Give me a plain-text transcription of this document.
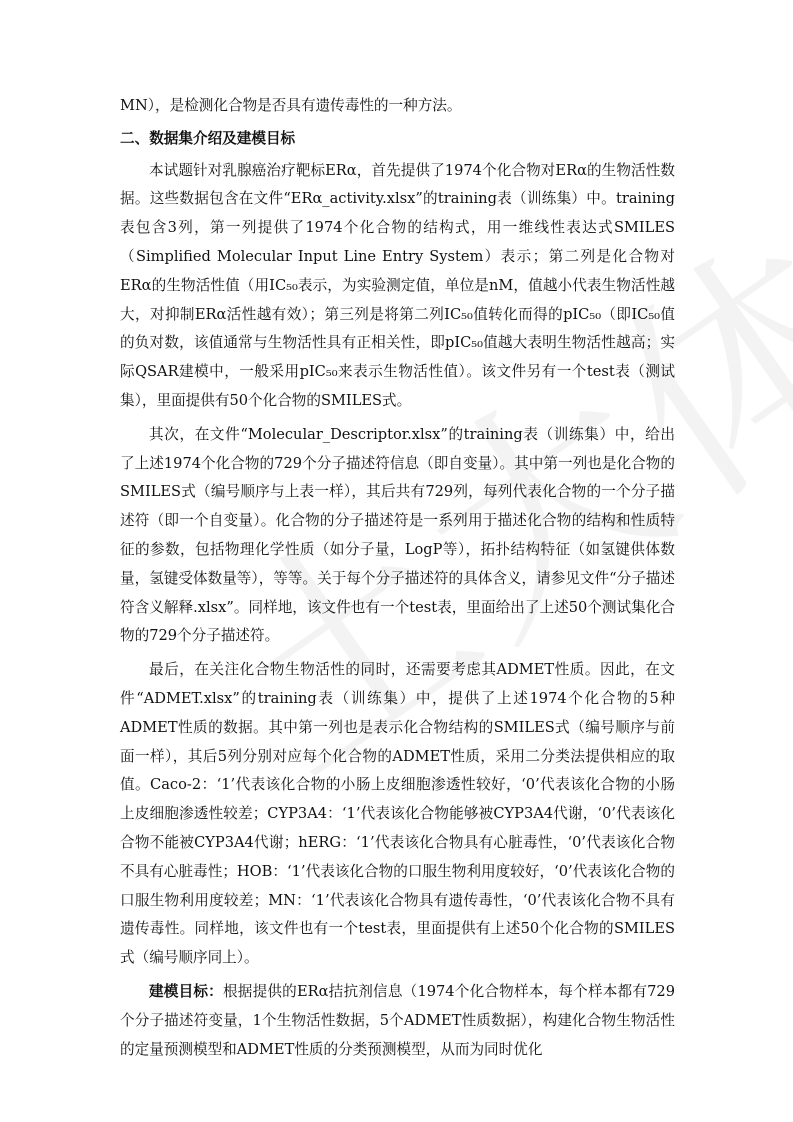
MN），是检测化合物是否具有遗传毒性的一种方法。

二、数据集介绍及建模目标

本试题针对乳腺癌治疗靶标ERα，首先提供了1974个化合物对ERα的生物活性数据。这些数据包含在文件“ERα_activity.xlsx”的training表（训练集）中。training表包含3列，第一列提供了1974个化合物的结构式，用一维线性表达式SMILES（Simplified Molecular Input Line Entry System）表示；第二列是化合物对ERα的生物活性值（用IC₅₀表示，为实验测定值，单位是nM，值越小代表生物活性越大，对抑制ERα活性越有效）；第三列是将第二列IC₅₀值转化而得的pIC₅₀（即IC₅₀值的负对数，该值通常与生物活性具有正相关性，即pIC₅₀值越大表明生物活性越高；实际QSAR建模中，一般采用pIC₅₀来表示生物活性值）。该文件另有一个test表（测试集），里面提供有50个化合物的SMILES式。

其次，在文件“Molecular_Descriptor.xlsx”的training表（训练集）中，给出了上述1974个化合物的729个分子描述符信息（即自变量）。其中第一列也是化合物的SMILES式（编号顺序与上表一样），其后共有729列，每列代表化合物的一个分子描述符（即一个自变量）。化合物的分子描述符是一系列用于描述化合物的结构和性质特征的参数，包括物理化学性质（如分子量，LogP等），拓扑结构特征（如氢键供体数量，氢键受体数量等），等等。关于每个分子描述符的具体含义，请参见文件“分子描述符含义解释.xlsx”。同样地，该文件也有一个test表，里面给出了上述50个测试集化合物的729个分子描述符。

最后，在关注化合物生物活性的同时，还需要考虑其ADMET性质。因此，在文件“ADMET.xlsx”的training表（训练集）中，提供了上述1974个化合物的5种ADMET性质的数据。其中第一列也是表示化合物结构的SMILES式（编号顺序与前面一样），其后5列分别对应每个化合物的ADMET性质，采用二分类法提供相应的取值。Caco-2：‘1’代表该化合物的小肠上皮细胞渗透性较好，‘0’代表该化合物的小肠上皮细胞渗透性较差；CYP3A4：‘1’代表该化合物能够被CYP3A4代谢，‘0’代表该化合物不能被CYP3A4代谢；hERG：‘1’代表该化合物具有心脏毒性，‘0’代表该化合物不具有心脏毒性；HOB：‘1’代表该化合物的口服生物利用度较好，‘0’代表该化合物的口服生物利用度较差；MN：‘1’代表该化合物具有遗传毒性，‘0’代表该化合物不具有遗传毒性。同样地，该文件也有一个test表，里面提供有上述50个化合物的SMILES式（编号顺序同上）。

建模目标：根据提供的ERα拮抗剂信息（1974个化合物样本，每个样本都有729个分子描述符变量，1个生物活性数据，5个ADMET性质数据），构建化合物生物活性的定量预测模型和ADMET性质的分类预测模型，从而为同时优化
